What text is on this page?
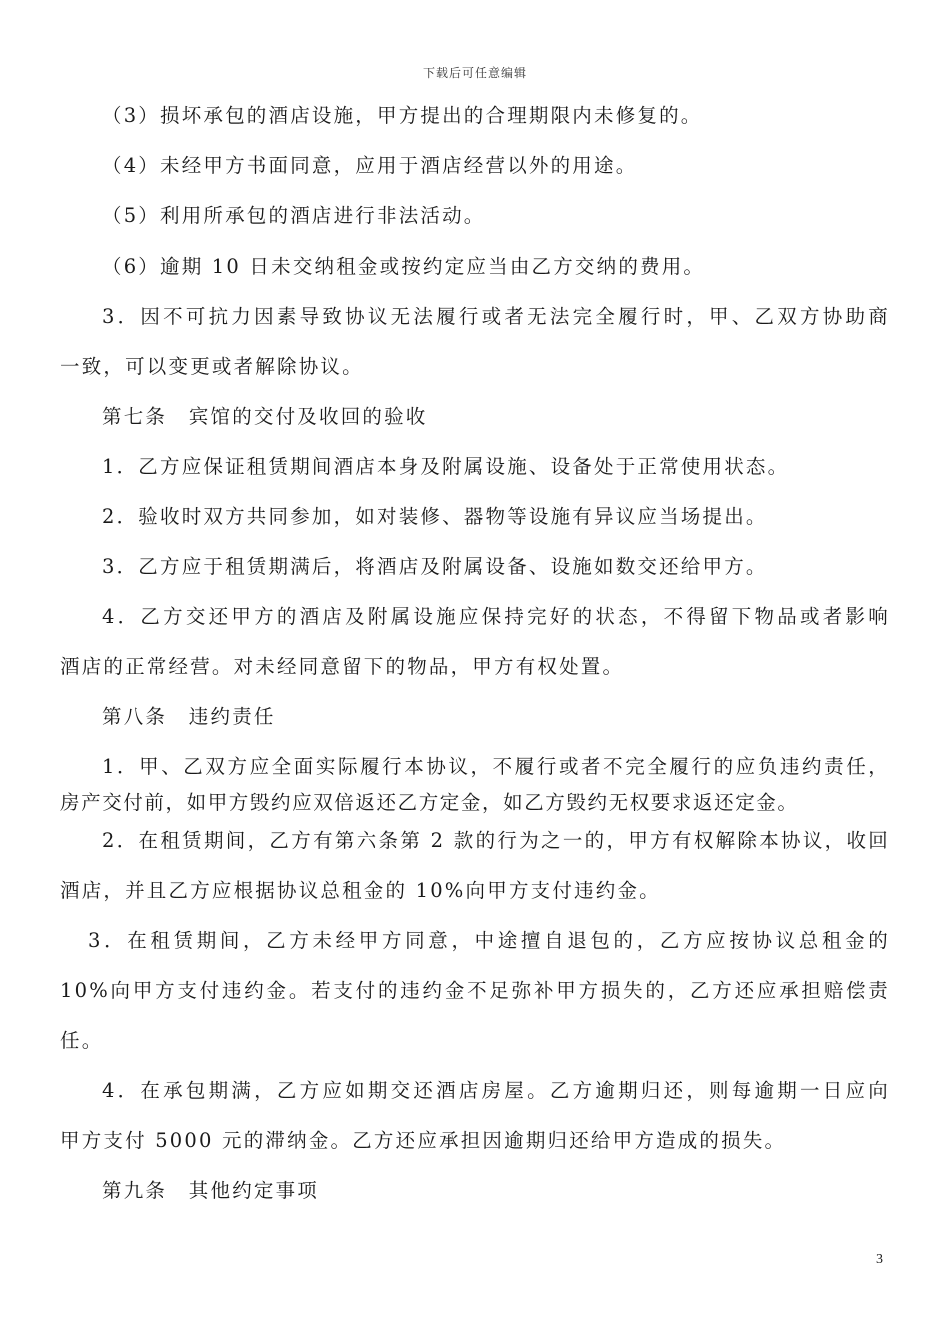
下载后可任意编辑
（3）损坏承包的酒店设施，甲方提出的合理期限内未修复的。
（4）未经甲方书面同意，应用于酒店经营以外的用途。
（5）利用所承包的酒店进行非法活动。
（6）逾期 10 日未交纳租金或按约定应当由乙方交纳的费用。
3．因不可抗力因素导致协议无法履行或者无法完全履行时，甲、乙双方协助商
一致，可以变更或者解除协议。
第七条　宾馆的交付及收回的验收
1．乙方应保证租赁期间酒店本身及附属设施、设备处于正常使用状态。
2．验收时双方共同参加，如对装修、器物等设施有异议应当场提出。
3．乙方应于租赁期满后，将酒店及附属设备、设施如数交还给甲方。
4．乙方交还甲方的酒店及附属设施应保持完好的状态，不得留下物品或者影响
酒店的正常经营。对未经同意留下的物品，甲方有权处置。
第八条　违约责任
1．甲、乙双方应全面实际履行本协议，不履行或者不完全履行的应负违约责任，
房产交付前，如甲方毁约应双倍返还乙方定金，如乙方毁约无权要求返还定金。
2．在租赁期间，乙方有第六条第 2 款的行为之一的，甲方有权解除本协议，收回
酒店，并且乙方应根据协议总租金的 10%向甲方支付违约金。
3．在租赁期间，乙方未经甲方同意，中途擅自退包的，乙方应按协议总租金的
10%向甲方支付违约金。若支付的违约金不足弥补甲方损失的，乙方还应承担赔偿责
任。
4．在承包期满，乙方应如期交还酒店房屋。乙方逾期归还，则每逾期一日应向
甲方支付 5000 元的滞纳金。乙方还应承担因逾期归还给甲方造成的损失。
第九条　其他约定事项
3
